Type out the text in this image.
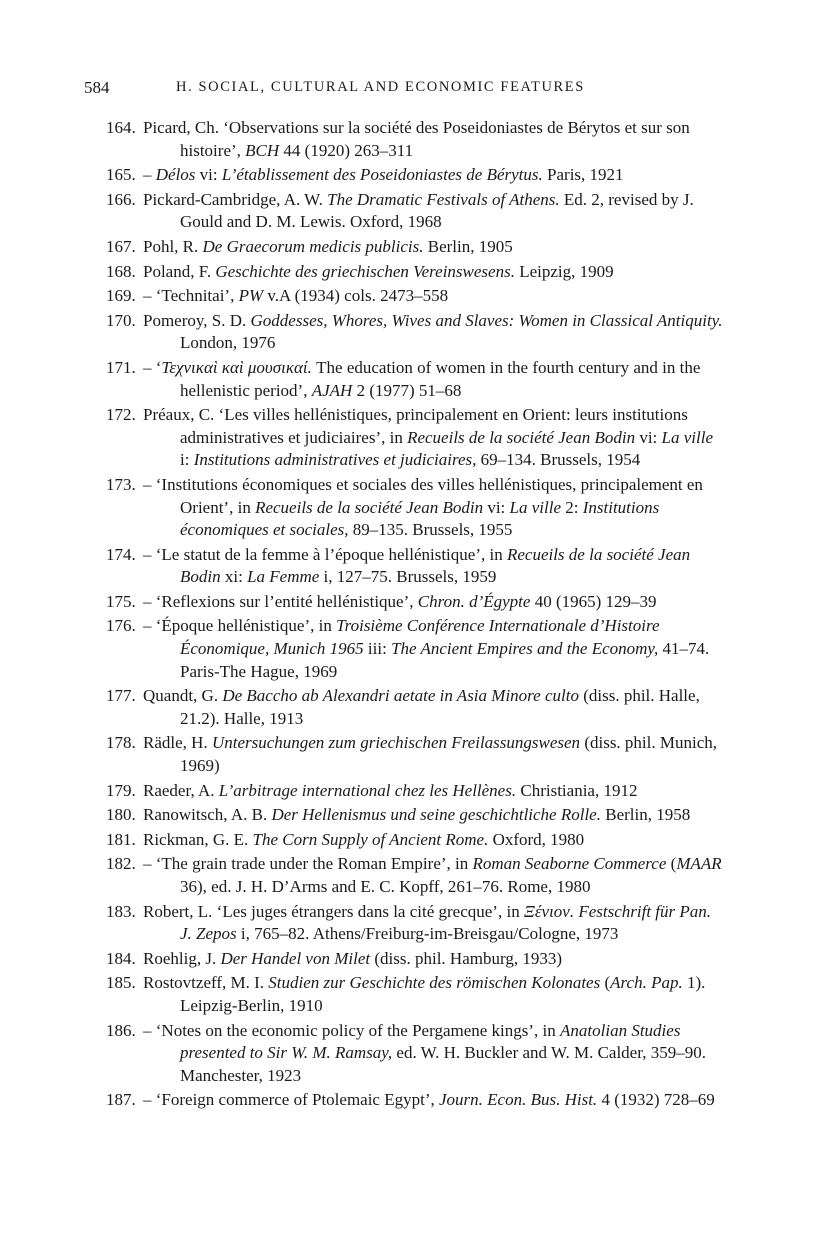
584	H. SOCIAL, CULTURAL AND ECONOMIC FEATURES
164. Picard, Ch. ‘Observations sur la société des Poseidoniastes de Bérytos et sur son histoire’, BCH 44 (1920) 263–311
165. – Délos vi: L’établissement des Poseidoniastes de Bérytus. Paris, 1921
166. Pickard-Cambridge, A. W. The Dramatic Festivals of Athens. Ed. 2, revised by J. Gould and D. M. Lewis. Oxford, 1968
167. Pohl, R. De Graecorum medicis publicis. Berlin, 1905
168. Poland, F. Geschichte des griechischen Vereinswesens. Leipzig, 1909
169. – ‘Technitai’, PW v.A (1934) cols. 2473–558
170. Pomeroy, S. D. Goddesses, Whores, Wives and Slaves: Women in Classical Antiquity. London, 1976
171. – ‘Τεχνικαὶ καὶ μουσικαί. The education of women in the fourth century and in the hellenistic period’, AJAH 2 (1977) 51–68
172. Préaux, C. ‘Les villes hellénistiques, principalement en Orient: leurs institutions administratives et judiciaires’, in Recueils de la société Jean Bodin vi: La ville i: Institutions administratives et judiciaires, 69–134. Brussels, 1954
173. – ‘Institutions économiques et sociales des villes hellénistiques, principalement en Orient’, in Recueils de la société Jean Bodin vi: La ville 2: Institutions économiques et sociales, 89–135. Brussels, 1955
174. – ‘Le statut de la femme à l’époque hellénistique’, in Recueils de la société Jean Bodin xi: La Femme i, 127–75. Brussels, 1959
175. – ‘Reflexions sur l’entité hellénistique’, Chron. d’Égypte 40 (1965) 129–39
176. – ‘Époque hellénistique’, in Troisième Conférence Internationale d’Histoire Économique, Munich 1965 iii: The Ancient Empires and the Economy, 41–74. Paris-The Hague, 1969
177. Quandt, G. De Baccho ab Alexandri aetate in Asia Minore culto (diss. phil. Halle, 21.2). Halle, 1913
178. Rädle, H. Untersuchungen zum griechischen Freilassungswesen (diss. phil. Munich, 1969)
179. Raeder, A. L’arbitrage international chez les Hellènes. Christiania, 1912
180. Ranowitsch, A. B. Der Hellenismus und seine geschichtliche Rolle. Berlin, 1958
181. Rickman, G. E. The Corn Supply of Ancient Rome. Oxford, 1980
182. – ‘The grain trade under the Roman Empire’, in Roman Seaborne Commerce (MAAR 36), ed. J. H. D’Arms and E. C. Kopff, 261–76. Rome, 1980
183. Robert, L. ‘Les juges étrangers dans la cité grecque’, in Ξένιον. Festschrift für Pan. J. Zepos i, 765–82. Athens/Freiburg-im-Breisgau/Cologne, 1973
184. Roehlig, J. Der Handel von Milet (diss. phil. Hamburg, 1933)
185. Rostovtzeff, M. I. Studien zur Geschichte des römischen Kolonates (Arch. Pap. 1). Leipzig-Berlin, 1910
186. – ‘Notes on the economic policy of the Pergamene kings’, in Anatolian Studies presented to Sir W. M. Ramsay, ed. W. H. Buckler and W. M. Calder, 359–90. Manchester, 1923
187. – ‘Foreign commerce of Ptolemaic Egypt’, Journ. Econ. Bus. Hist. 4 (1932) 728–69
